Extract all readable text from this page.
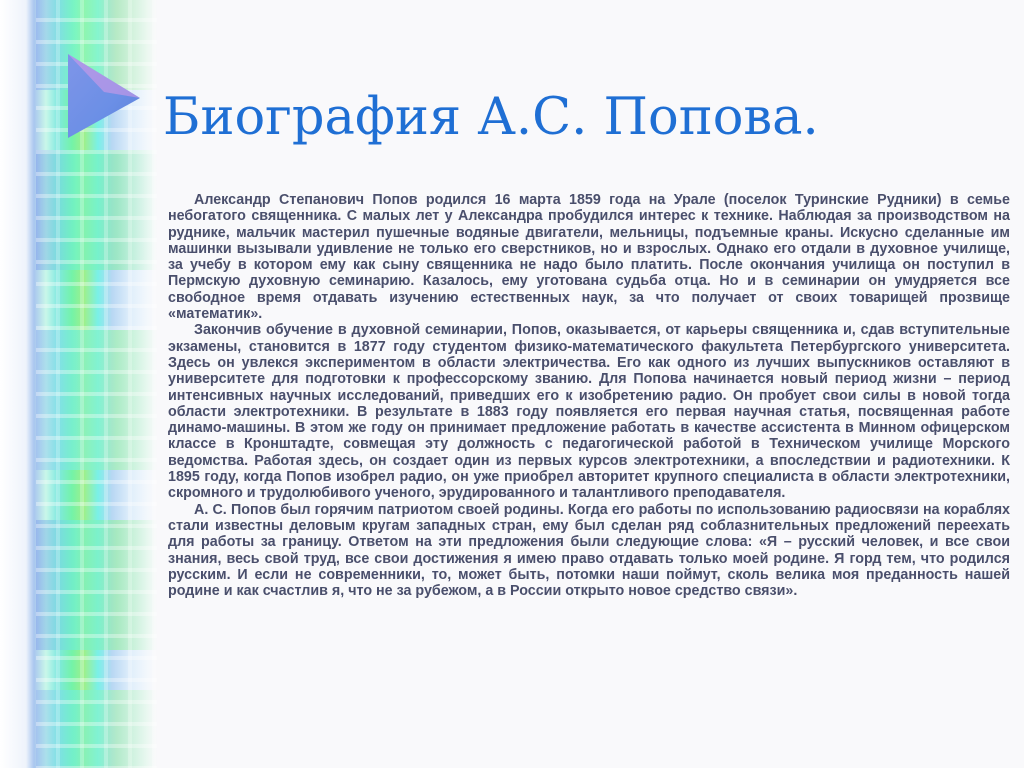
Биография А.С. Попова.

Александр Степанович Попов родился 16 марта 1859 года на Урале (поселок Туринские Рудники) в семье небогатого священника. С малых лет у Александра пробудился интерес к технике. Наблюдая за производством на руднике, мальчик мастерил пушечные водяные двигатели, мельницы, подъемные краны. Искусно сделанные им машинки вызывали удивление не только его сверстников, но и взрослых. Однако его отдали в духовное училище, за учебу в котором ему как сыну священника не надо было платить. После окончания училища он поступил в Пермскую духовную семинарию. Казалось, ему уготована судьба отца. Но и в семинарии он умудряется все свободное время отдавать изучению естественных наук, за что получает от своих товарищей прозвище «математик».

Закончив обучение в духовной семинарии, Попов, оказывается, от карьеры священника и, сдав вступительные экзамены, становится в 1877 году студентом физико-математического факультета Петербургского университета. Здесь он увлекся экспериментом в области электричества. Его как одного из лучших выпускников оставляют в университете для подготовки к профессорскому званию. Для Попова начинается новый период жизни – период интенсивных научных исследований, приведших его к изобретению радио. Он пробует свои силы в новой тогда области электротехники. В результате в 1883 году появляется его первая научная статья, посвященная работе динамо-машины. В этом же году он принимает предложение работать в качестве ассистента в Минном офицерском классе в Кронштадте, совмещая эту должность с педагогической работой в Техническом училище Морского ведомства. Работая здесь, он создает один из первых курсов электротехники, а впоследствии и радиотехники. К 1895 году, когда Попов изобрел радио, он уже приобрел авторитет крупного специалиста в области электротехники, скромного и трудолюбивого ученого, эрудированного и талантливого преподавателя.

А. С. Попов был горячим патриотом своей родины. Когда его работы по использованию радиосвязи на кораблях стали известны деловым кругам западных стран, ему был сделан ряд соблазнительных предложений переехать для работы за границу. Ответом на эти предложения были следующие слова: «Я – русский человек, и все свои знания, весь свой труд, все свои достижения я имею право отдавать только моей родине. Я горд тем, что родился русским. И если не современники, то, может быть, потомки наши поймут, сколь велика моя преданность нашей родине и как счастлив я, что не за рубежом, а в России открыто новое средство связи».
